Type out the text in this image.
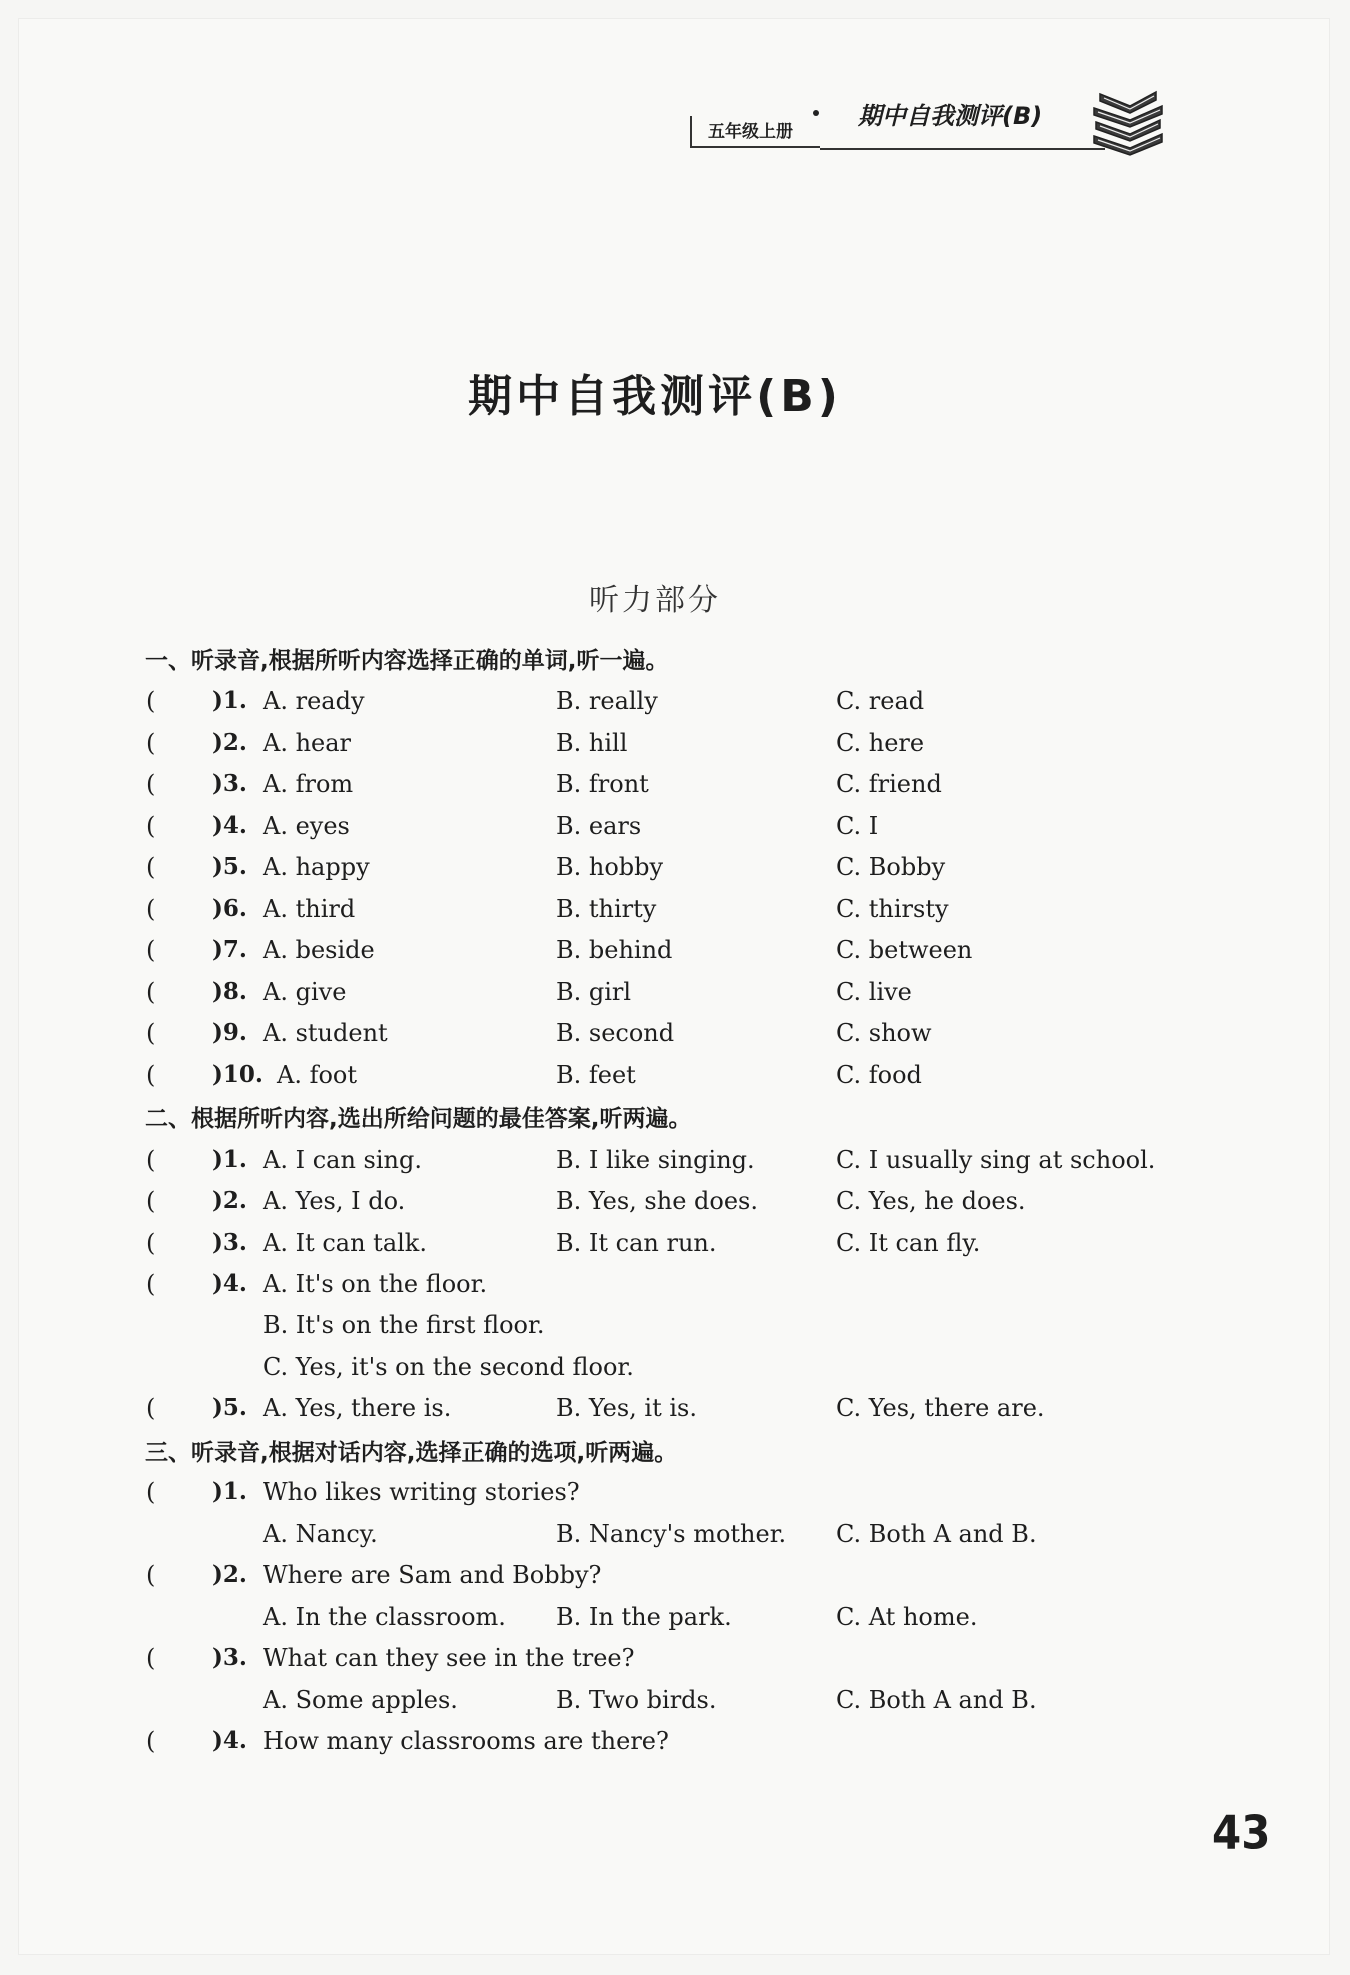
五年级上册
期中自我测评(B)
期中自我测评(B)
听力部分
一、听录音,根据所听内容选择正确的单词,听一遍。
( )1. A. ready	B. really	C. read
( )2. A. hear	B. hill	C. here
( )3. A. from	B. front	C. friend
( )4. A. eyes	B. ears	C. I
( )5. A. happy	B. hobby	C. Bobby
( )6. A. third	B. thirty	C. thirsty
( )7. A. beside	B. behind	C. between
( )8. A. give	B. girl	C. live
( )9. A. student	B. second	C. show
( )10. A. foot	B. feet	C. food
二、根据所听内容,选出所给问题的最佳答案,听两遍。
( )1. A. I can sing.	B. I like singing.	C. I usually sing at school.
( )2. A. Yes, I do.	B. Yes, she does.	C. Yes, he does.
( )3. A. It can talk.	B. It can run.	C. It can fly.
( )4. A. It's on the floor.
B. It's on the first floor.
C. Yes, it's on the second floor.
( )5. A. Yes, there is.	B. Yes, it is.	C. Yes, there are.
三、听录音,根据对话内容,选择正确的选项,听两遍。
( )1. Who likes writing stories?
A. Nancy.	B. Nancy's mother. C. Both A and B.
( )2. Where are Sam and Bobby?
A. In the classroom. B. In the park.	C. At home.
( )3. What can they see in the tree?
A. Some apples.	B. Two birds.	C. Both A and B.
( )4. How many classrooms are there?
43
